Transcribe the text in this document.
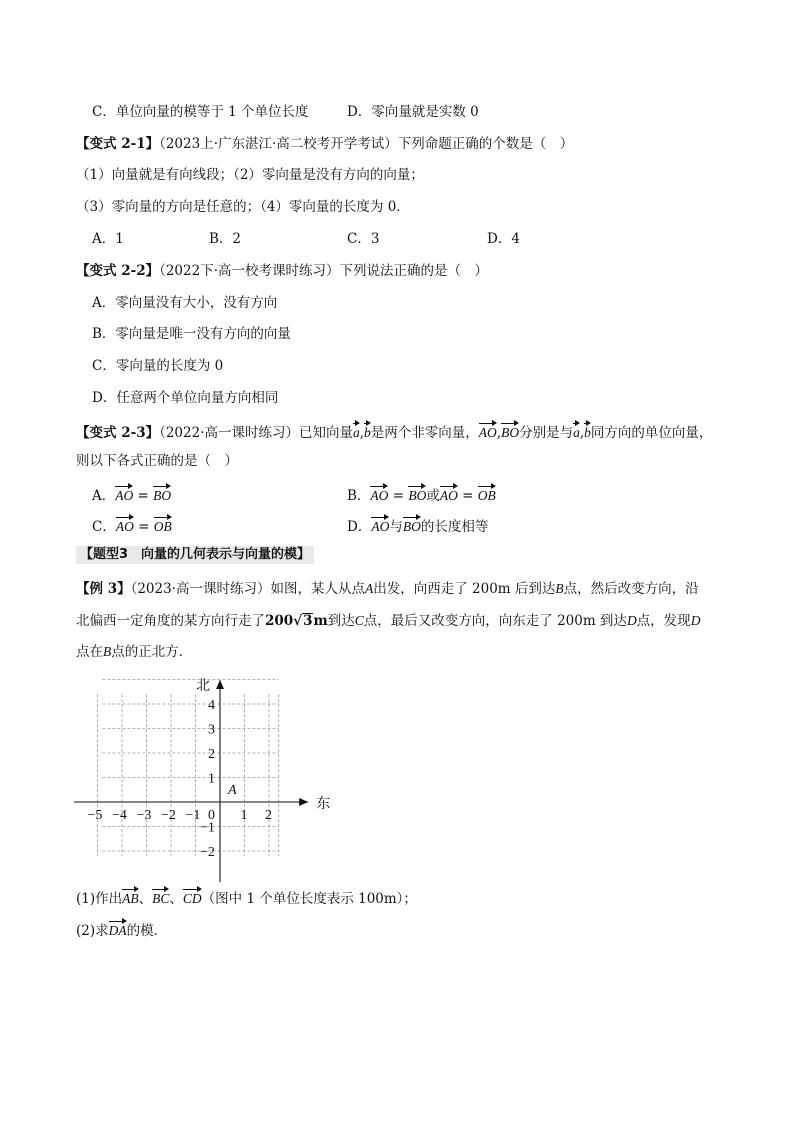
C．单位向量的模等于 1 个单位长度	D．零向量就是实数 0
【变式 2-1】（2023上·广东湛江·高二校考开学考试）下列命题正确的个数是（　）
（1）向量就是有向线段；（2）零向量是没有方向的向量；
（3）零向量的方向是任意的；（4）零向量的长度为 0．
A．1	B．2	C．3	D．4
【变式 2-2】（2022下·高一校考课时练习）下列说法正确的是（　）
A．零向量没有大小，没有方向
B．零向量是唯一没有方向的向量
C．零向量的长度为 0
D．任意两个单位向量方向相同
【变式 2-3】（2022·高一课时练习）已知向量a,b是两个非零向量，AO,BO分别是与a,b同方向的单位向量，
则以下各式正确的是（　）
A．AO = BO	B．AO = BO或AO = OB
C．AO = OB	D．AO与BO的长度相等
【题型3　向量的几何表示与向量的模】
【例 3】（2023·高一课时练习）如图，某人从点A出发，向西走了 200m 后到达B点，然后改变方向，沿
北偏西一定角度的某方向行走了200√3m到达C点，最后又改变方向，向东走了 200m 到达D点，发现D
点在B点的正北方．
北
东
0
−5 −4 −3 −2 −1	1 2
4
3
2
1
−1
−2
A
(1)作出AB、BC、CD（图中 1 个单位长度表示 100m）；
(2)求DA的模．
